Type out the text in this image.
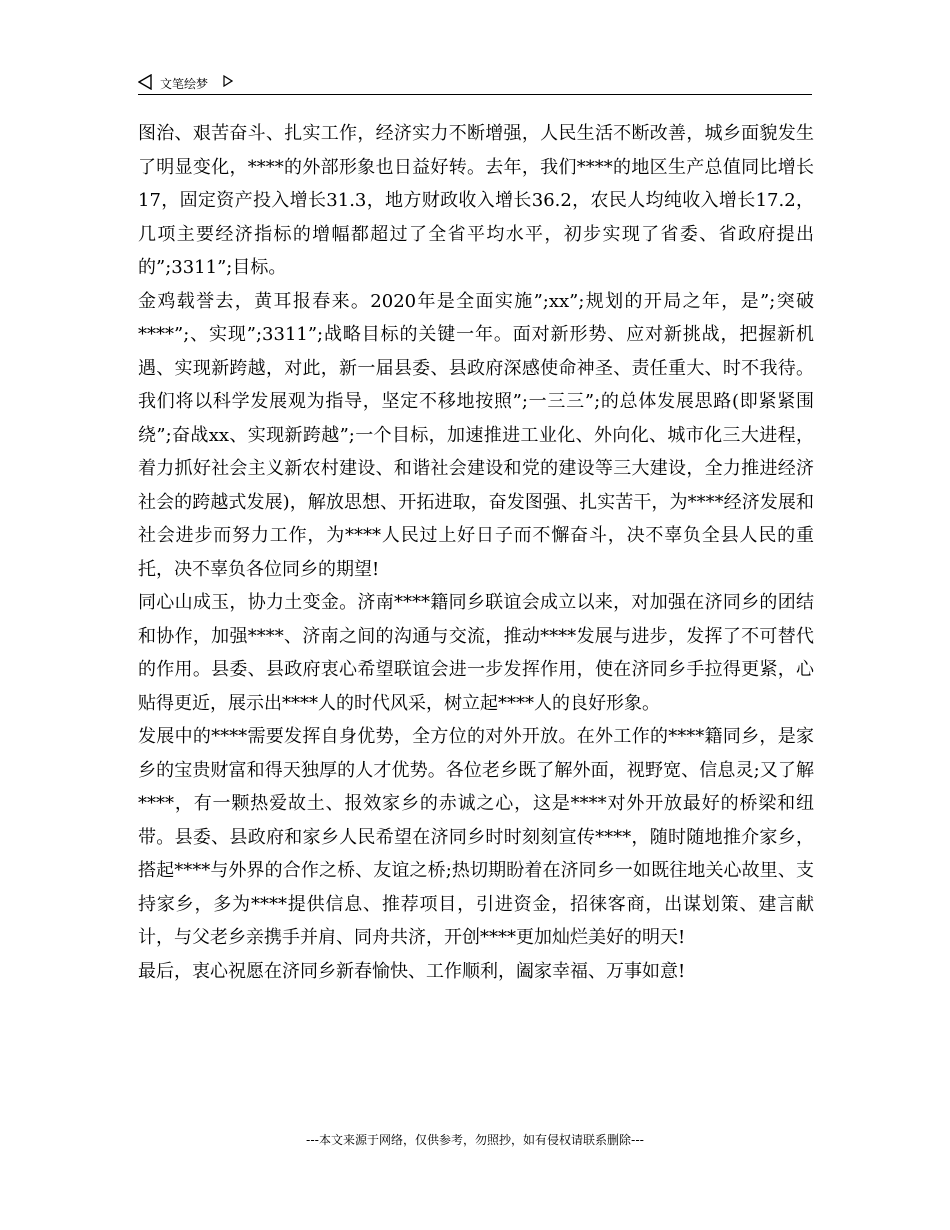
文笔绘梦

图治、艰苦奋斗、扎实工作，经济实力不断增强，人民生活不断改善，城乡面貌发生了明显变化，****的外部形象也日益好转。去年，我们****的地区生产总值同比增长17，固定资产投入增长31.3，地方财政收入增长36.2，农民人均纯收入增长17.2，几项主要经济指标的增幅都超过了全省平均水平，初步实现了省委、省政府提出的”;3311”;目标。

金鸡载誉去，黄耳报春来。2020年是全面实施”;xx”;规划的开局之年，是”;突破****”;、实现”;3311”;战略目标的关键一年。面对新形势、应对新挑战，把握新机遇、实现新跨越，对此，新一届县委、县政府深感使命神圣、责任重大、时不我待。我们将以科学发展观为指导，坚定不移地按照”;一三三”;的总体发展思路(即紧紧围绕”;奋战xx、实现新跨越”;一个目标，加速推进工业化、外向化、城市化三大进程，着力抓好社会主义新农村建设、和谐社会建设和党的建设等三大建设，全力推进经济社会的跨越式发展)，解放思想、开拓进取，奋发图强、扎实苦干，为****经济发展和社会进步而努力工作，为****人民过上好日子而不懈奋斗，决不辜负全县人民的重托，决不辜负各位同乡的期望!

同心山成玉，协力土变金。济南****籍同乡联谊会成立以来，对加强在济同乡的团结和协作，加强****、济南之间的沟通与交流，推动****发展与进步，发挥了不可替代的作用。县委、县政府衷心希望联谊会进一步发挥作用，使在济同乡手拉得更紧，心贴得更近，展示出****人的时代风采，树立起****人的良好形象。

发展中的****需要发挥自身优势，全方位的对外开放。在外工作的****籍同乡，是家乡的宝贵财富和得天独厚的人才优势。各位老乡既了解外面，视野宽、信息灵;又了解****，有一颗热爱故土、报效家乡的赤诚之心，这是****对外开放最好的桥梁和纽带。县委、县政府和家乡人民希望在济同乡时时刻刻宣传****，随时随地推介家乡，搭起****与外界的合作之桥、友谊之桥;热切期盼着在济同乡一如既往地关心故里、支持家乡，多为****提供信息、推荐项目，引进资金，招徕客商，出谋划策、建言献计，与父老乡亲携手并肩、同舟共济，开创****更加灿烂美好的明天!

最后，衷心祝愿在济同乡新春愉快、工作顺利，阖家幸福、万事如意!

---本文来源于网络，仅供参考，勿照抄，如有侵权请联系删除---
